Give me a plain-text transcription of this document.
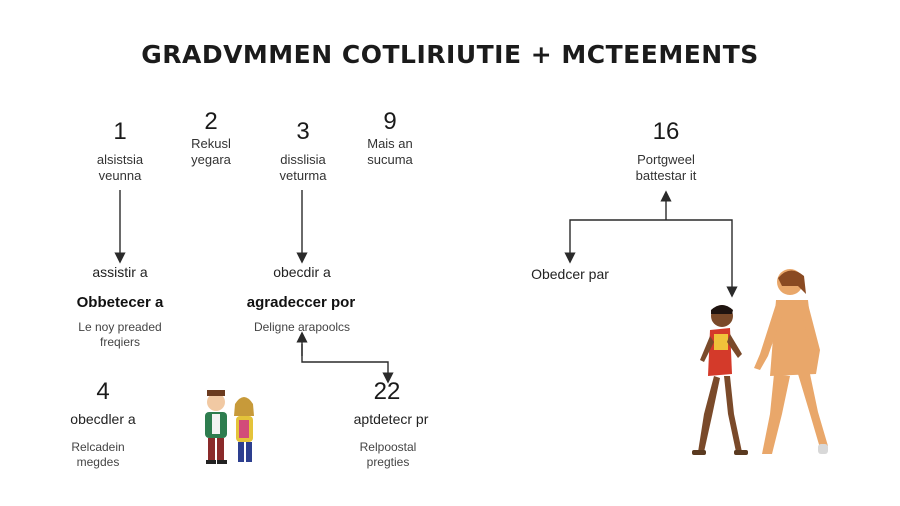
GRADVMMEN COTLIRIUTIE + MCTEEMENTS
1
alsistsia
veunna
2
Rekusl
yegara
3
disslisia
veturma
9
Mais an
sucuma
16
Portgweel
battestar it
assistir a
Obbetecer a
Le noy preaded
freqiers
4
obecdler a
Relcadein
megdes
obecdir a
agradeccer por
Deligne arapoolcs
22
aptdetecr pr
Relpoostal
pregties
Obedcer par
